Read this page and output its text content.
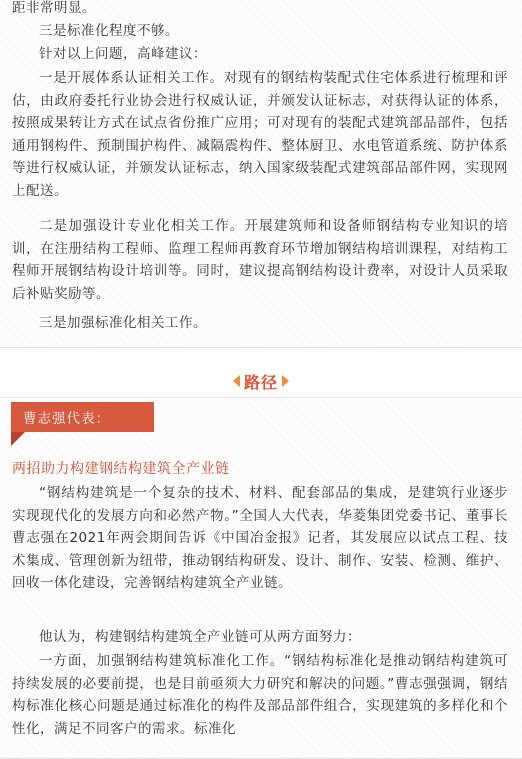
距非常明显。

三是标准化程度不够。

针对以上问题，高峰建议：

一是开展体系认证相关工作。对现有的钢结构装配式住宅体系进行梳理和评估，由政府委托行业协会进行权威认证，并颁发认证标志，对获得认证的体系，按照成果转让方式在试点省份推广应用；可对现有的装配式建筑部品部件，包括通用钢构件、预制围护构件、减隔震构件、整体厨卫、水电管道系统、防护体系等进行权威认证，并颁发认证标志，纳入国家级装配式建筑部品部件网，实现网上配送。

二是加强设计专业化相关工作。开展建筑师和设备师钢结构专业知识的培训，在注册结构工程师、监理工程师再教育环节增加钢结构培训课程，对结构工程师开展钢结构设计培训等。同时，建议提高钢结构设计费率，对设计人员采取后补贴奖励等。

三是加强标准化相关工作。

路径
曹志强代表：
两招助力构建钢结构建筑全产业链

“钢结构建筑是一个复杂的技术、材料、配套部品的集成，是建筑行业逐步实现现代化的发展方向和必然产物。”全国人大代表，华菱集团党委书记、董事长曹志强在2021年两会期间告诉《中国冶金报》记者，其发展应以试点工程、技术集成、管理创新为纽带，推动钢结构研发、设计、制作、安装、检测、维护、回收一体化建设，完善钢结构建筑全产业链。

他认为，构建钢结构建筑全产业链可从两方面努力：

一方面，加强钢结构建筑标准化工作。“钢结构标准化是推动钢结构建筑可持续发展的必要前提，也是目前亟须大力研究和解决的问题。”曹志强强调，钢结构标准化核心问题是通过标准化的构件及部品部件组合，实现建筑的多样化和个性化，满足不同客户的需求。标准化
